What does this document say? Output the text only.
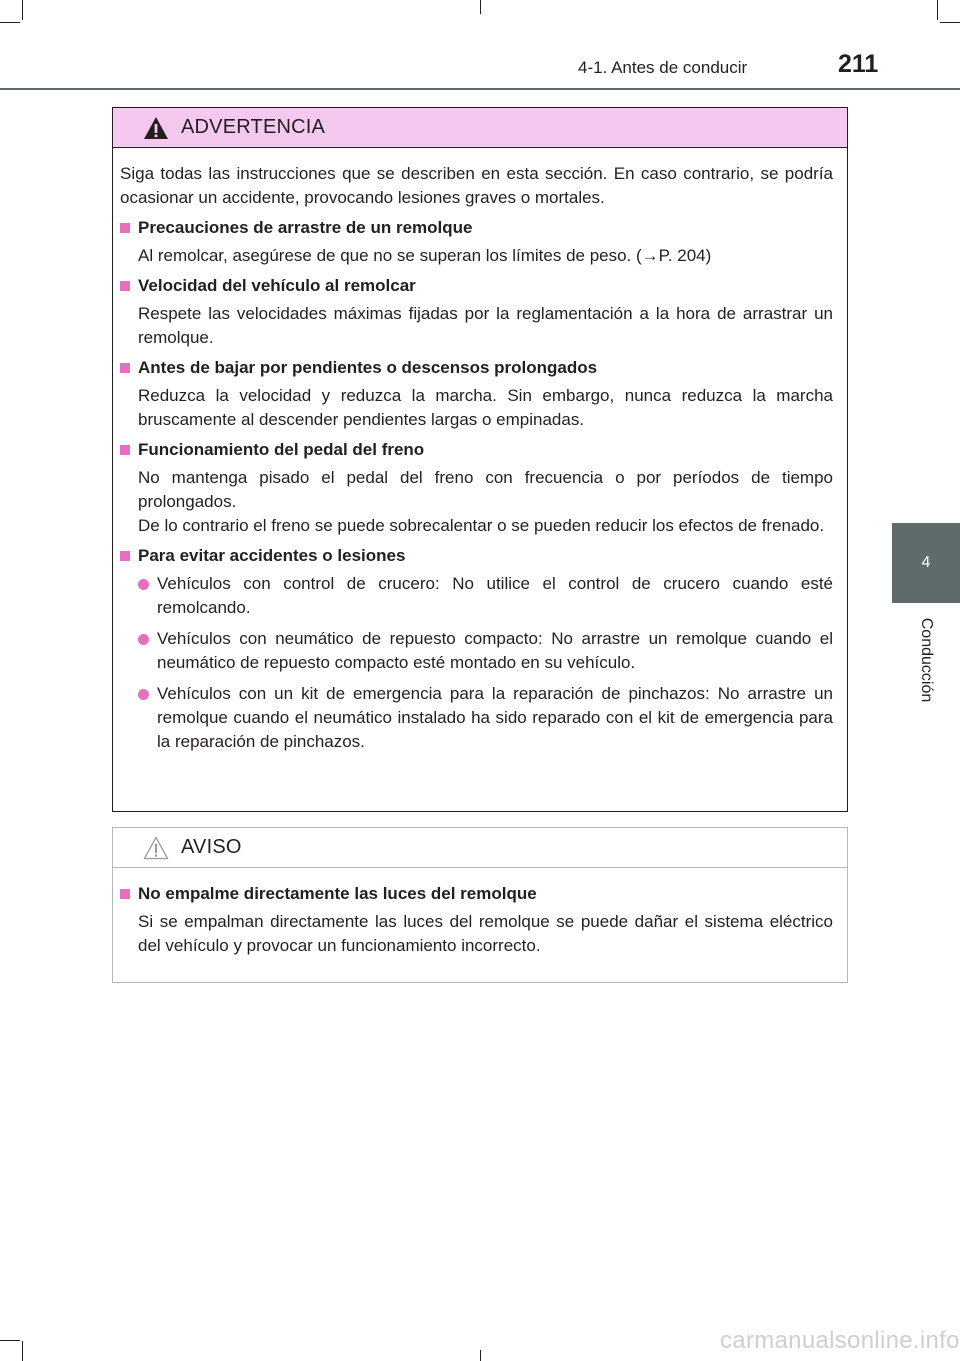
4-1. Antes de conducir	211
4
Conducción
ADVERTENCIA

Siga todas las instrucciones que se describen en esta sección. En caso contrario, se podría ocasionar un accidente, provocando lesiones graves o mortales.

Precauciones de arrastre de un remolque

Al remolcar, asegúrese de que no se superan los límites de peso. (→P. 204)

Velocidad del vehículo al remolcar

Respete las velocidades máximas fijadas por la reglamentación a la hora de arrastrar un remolque.

Antes de bajar por pendientes o descensos prolongados

Reduzca la velocidad y reduzca la marcha. Sin embargo, nunca reduzca la marcha bruscamente al descender pendientes largas o empinadas.

Funcionamiento del pedal del freno

No mantenga pisado el pedal del freno con frecuencia o por períodos de tiempo prolongados.

De lo contrario el freno se puede sobrecalentar o se pueden reducir los efectos de frenado.

Para evitar accidentes o lesiones
Vehículos con control de crucero: No utilice el control de crucero cuando esté remolcando.
Vehículos con neumático de repuesto compacto: No arrastre un remolque cuando el neumático de repuesto compacto esté montado en su vehículo.
Vehículos con un kit de emergencia para la reparación de pinchazos: No arrastre un remolque cuando el neumático instalado ha sido reparado con el kit de emergencia para la reparación de pinchazos.
AVISO
No empalme directamente las luces del remolque

Si se empalman directamente las luces del remolque se puede dañar el sistema eléctrico del vehículo y provocar un funcionamiento incorrecto.

carmanualsonline.info
